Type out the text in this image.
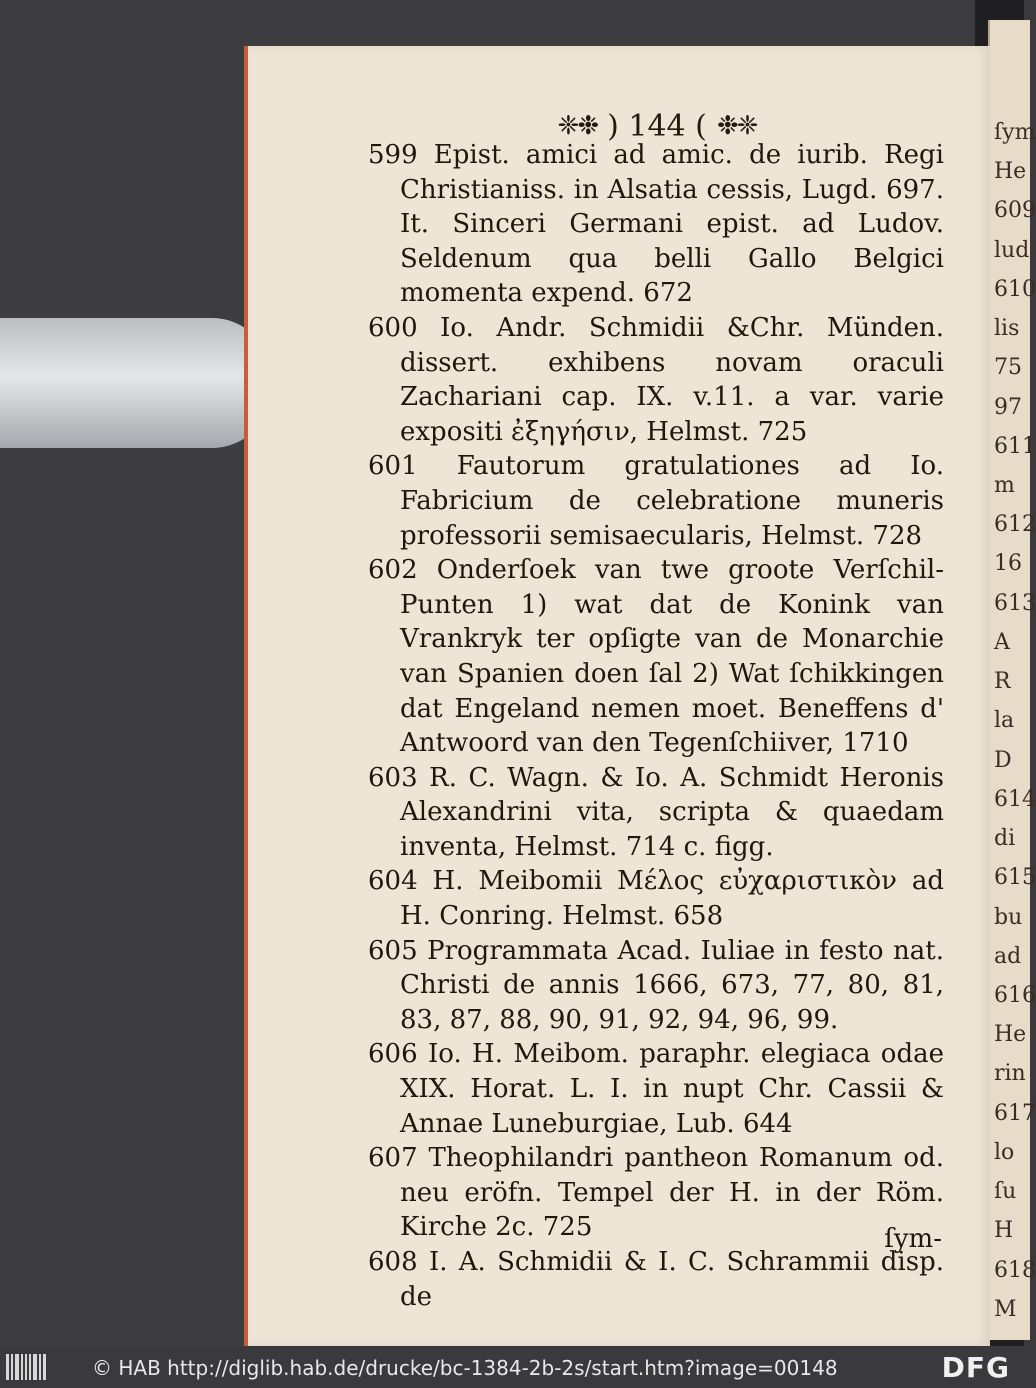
ſym
He
609
lud
610
lis
75
97
611
m
612
16
613
A
R
la
D
614
di
615
bu
ad
616
He
rin
617
lo
ſu
H
618
M
❈❉ ) 144 ( ❉❈
599 Epist. amici ad amic. de iurib. Regi Christianiss. in Alsatia cessis, Lugd. 697. It. Sinceri Germani epist. ad Ludov. Seldenum qua belli Gallo Belgici momenta expend. 672
600 Io. Andr. Schmidii &Chr. Münden. dissert. exhibens novam oraculi Zachariani cap. IX. v.11. a var. varie expositi ἐξηγήσιν, Helmst. 725
601 Fautorum gratulationes ad Io. Fabricium de celebratione muneris professorii semisaecularis, Helmst. 728
602 Onderſoek van twe groote Verſchil-Punten 1) wat dat de Konink van Vrankryk ter opſigte van de Monarchie van Spanien doen ſal 2) Wat ſchikkingen dat Engeland nemen moet. Beneffens d' Antwoord van den Tegenſchiiver, 1710
603 R. C. Wagn. & Io. A. Schmidt Heronis Alexandrini vita, scripta & quaedam inventa, Helmst. 714 c. figg.
604 H. Meibomii Μέλος εὐχαριστικὸν ad H. Conring. Helmst. 658
605 Programmata Acad. Iuliae in festo nat. Christi de annis 1666, 673, 77, 80, 81, 83, 87, 88, 90, 91, 92, 94, 96, 99.
606 Io. H. Meibom. paraphr. elegiaca odae XIX. Horat. L. I. in nupt Chr. Cassii & Annae Luneburgiae, Lub. 644
607 Theophilandri pantheon Romanum od. neu eröfn. Tempel der H. in der Röm. Kirche 2c. 725
608 I. A. Schmidii & I. C. Schrammii disp. de
ſym-
© HAB http://diglib.hab.de/drucke/bc-1384-2b-2s/start.htm?image=00148	DFG
